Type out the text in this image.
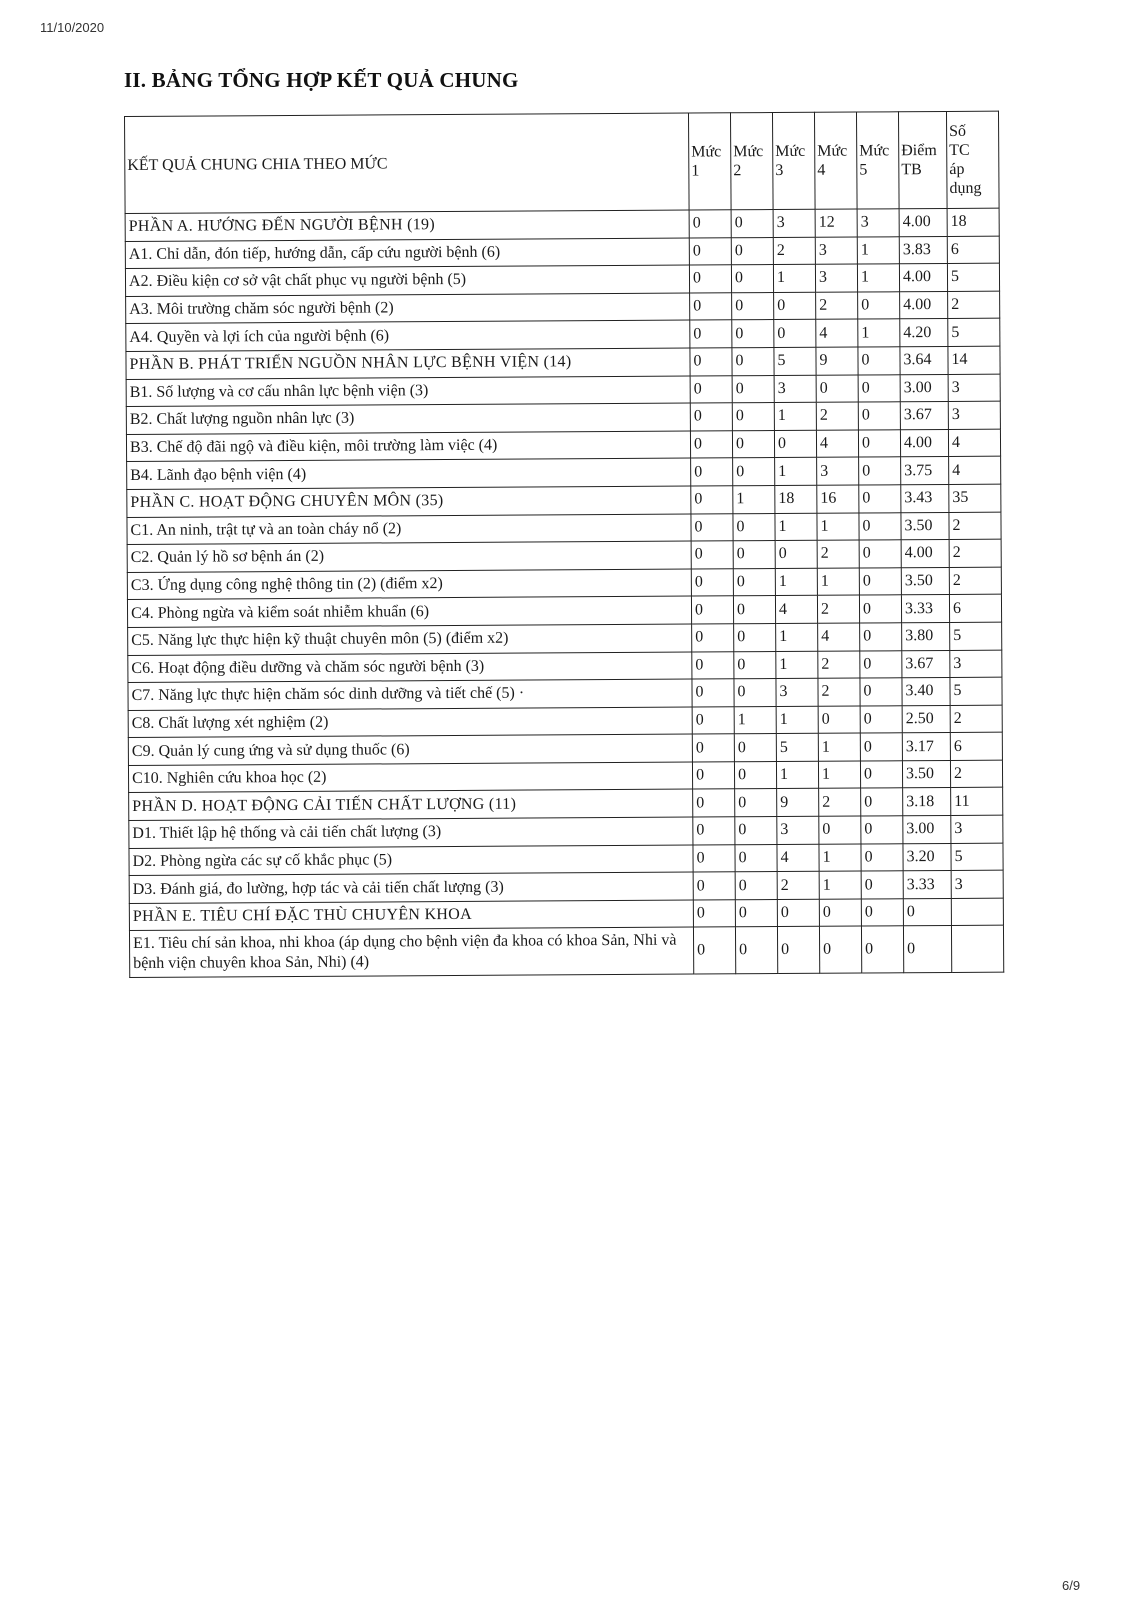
11/10/2020
II. BẢNG TỔNG HỢP KẾT QUẢ CHUNG
KẾT QUẢ CHUNG CHIA THEO MỨC	Mức 1	Mức 2	Mức 3	Mức 4	Mức 5	Điểm TB	Số TC áp dụng
PHẦN A. HƯỚNG ĐẾN NGƯỜI BỆNH (19)	0	0	3	12	3	4.00	18
A1. Chỉ dẫn, đón tiếp, hướng dẫn, cấp cứu người bệnh (6)	0	0	2	3	1	3.83	6
A2. Điều kiện cơ sở vật chất phục vụ người bệnh (5)	0	0	1	3	1	4.00	5
A3. Môi trường chăm sóc người bệnh (2)	0	0	0	2	0	4.00	2
A4. Quyền và lợi ích của người bệnh (6)	0	0	0	4	1	4.20	5
PHẦN B. PHÁT TRIỂN NGUỒN NHÂN LỰC BỆNH VIỆN (14)	0	0	5	9	0	3.64	14
B1. Số lượng và cơ cấu nhân lực bệnh viện (3)	0	0	3	0	0	3.00	3
B2. Chất lượng nguồn nhân lực (3)	0	0	1	2	0	3.67	3
B3. Chế độ đãi ngộ và điều kiện, môi trường làm việc (4)	0	0	0	4	0	4.00	4
B4. Lãnh đạo bệnh viện (4)	0	0	1	3	0	3.75	4
PHẦN C. HOẠT ĐỘNG CHUYÊN MÔN (35)	0	1	18	16	0	3.43	35
C1. An ninh, trật tự và an toàn cháy nổ (2)	0	0	1	1	0	3.50	2
C2. Quản lý hồ sơ bệnh án (2)	0	0	0	2	0	4.00	2
C3. Ứng dụng công nghệ thông tin (2) (điểm x2)	0	0	1	1	0	3.50	2
C4. Phòng ngừa và kiểm soát nhiễm khuẩn (6)	0	0	4	2	0	3.33	6
C5. Năng lực thực hiện kỹ thuật chuyên môn (5) (điểm x2)	0	0	1	4	0	3.80	5
C6. Hoạt động điều dưỡng và chăm sóc người bệnh (3)	0	0	1	2	0	3.67	3
C7. Năng lực thực hiện chăm sóc dinh dưỡng và tiết chế (5) ·	0	0	3	2	0	3.40	5
C8. Chất lượng xét nghiệm (2)	0	1	1	0	0	2.50	2
C9. Quản lý cung ứng và sử dụng thuốc (6)	0	0	5	1	0	3.17	6
C10. Nghiên cứu khoa học (2)	0	0	1	1	0	3.50	2
PHẦN D. HOẠT ĐỘNG CẢI TIẾN CHẤT LƯỢNG (11)	0	0	9	2	0	3.18	11
D1. Thiết lập hệ thống và cải tiến chất lượng (3)	0	0	3	0	0	3.00	3
D2. Phòng ngừa các sự cố khắc phục (5)	0	0	4	1	0	3.20	5
D3. Đánh giá, đo lường, hợp tác và cải tiến chất lượng (3)	0	0	2	1	0	3.33	3
PHẦN E. TIÊU CHÍ ĐẶC THÙ CHUYÊN KHOA	0	0	0	0	0	0	
E1. Tiêu chí sản khoa, nhi khoa (áp dụng cho bệnh viện đa khoa có khoa Sản, Nhi và bệnh viện chuyên khoa Sản, Nhi) (4)	0	0	0	0	0	0	
6/9
